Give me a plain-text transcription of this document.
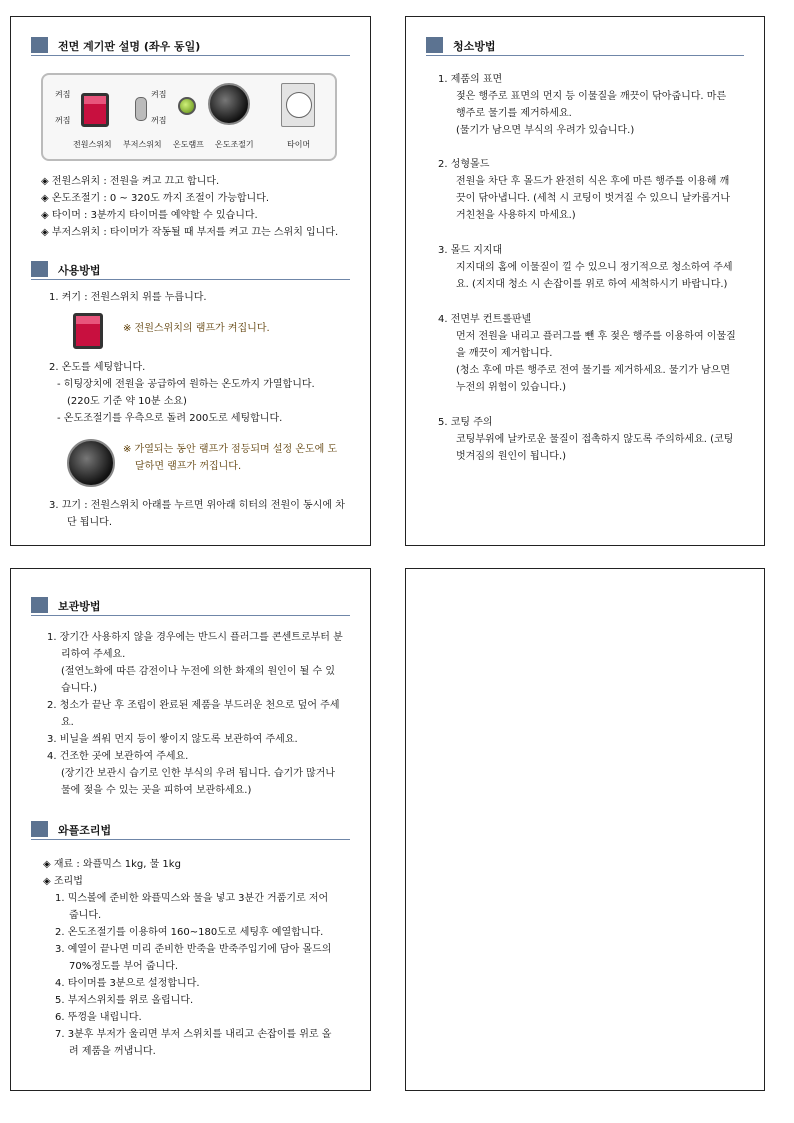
전면 계기판 설명 (좌우 동일)
켜짐
꺼짐
켜짐
꺼짐
전원스위치 부저스위치 온도램프 온도조절기	타이머
◈ 전원스위치 : 전원을 켜고 끄고 합니다.
◈ 온도조절기 : 0 ~ 320도 까지 조절이 가능합니다.
◈ 타이머 : 3분까지 타이머를 예약할 수 있습니다.
◈ 부저스위치 : 타이머가 작동될 때 부저를 켜고 끄는 스위치 입니다.
사용방법
1. 켜기 : 전원스위치 위를 누릅니다.
※ 전원스위치의 램프가 켜집니다.
2. 온도를 세팅합니다.
- 히팅장치에 전원을 공급하여 원하는 온도까지 가열합니다.
(220도 기준 약 10분 소요)
- 온도조절기를 우측으로 돌려 200도로 세팅합니다.
※ 가열되는 동안 램프가 점등되며 설정 온도에 도
달하면 램프가 꺼집니다.
3. 끄기 : 전원스위치 아래를 누르면 위아래 히터의 전원이 동시에 차
단 됩니다.
청소방법
1. 제품의 표면
젖은 행주로 표면의 먼지 등 이물질을 깨끗이 닦아줍니다. 마른
행주로 물기를 제거하세요.
(물기가 남으면 부식의 우려가 있습니다.)
2. 성형몰드
전원을 차단 후 몰드가 완전히 식은 후에 마른 행주를 이용해 깨
끗이 닦아냅니다. (세척 시 코팅이 벗겨질 수 있으니 날카롭거나
거친천을 사용하지 마세요.)
3. 몰드 지지대
지지대의 홈에 이물질이 낄 수 있으니 정기적으로 청소하여 주세
요. (지지대 청소 시 손잡이를 위로 하여 세척하시기 바랍니다.)
4. 전면부 컨트롤판넬
먼저 전원을 내리고 플러그를 뺀 후 젖은 행주를 이용하여 이물질
을 깨끗이 제거합니다.
(청소 후에 마른 행주로 전여 물기를 제거하세요. 물기가 남으면
누전의 위험이 있습니다.)
5. 코팅 주의
코팅부위에 날카로운 물질이 접촉하지 않도록 주의하세요. (코팅
벗겨짐의 원인이 됩니다.)
보관방법
1. 장기간 사용하지 않을 경우에는 반드시 플러그를 콘센트로부터 분
리하여 주세요.
(절연노화에 따른 감전이나 누전에 의한 화재의 원인이 될 수 있
습니다.)
2. 청소가 끝난 후 조립이 완료된 제품을 부드러운 천으로 덮어 주세
요.
3. 비닐을 씌워 먼지 등이 쌓이지 않도록 보관하여 주세요.
4. 건조한 곳에 보관하여 주세요.
(장기간 보관시 습기로 인한 부식의 우려 됩니다. 습기가 많거나
물에 젖을 수 있는 곳을 피하여 보관하세요.)
와플조리법
◈ 재료 : 와플믹스 1kg, 물 1kg
◈ 조리법
1. 믹스볼에 준비한 와플믹스와 물을 넣고 3분간 거품기로 저어
줍니다.
2. 온도조절기를 이용하여 160~180도로 세팅후 예열합니다.
3. 예열이 끝나면 미리 준비한 반죽을 반죽주입기에 담아 몰드의
70%정도를 부어 줍니다.
4. 타이머를 3분으로 설정합니다.
5. 부저스위치를 위로 올립니다.
6. 뚜껑을 내립니다.
7. 3분후 부저가 울리면 부저 스위치를 내리고 손잡이를 위로 올
려 제품을 꺼냅니다.
